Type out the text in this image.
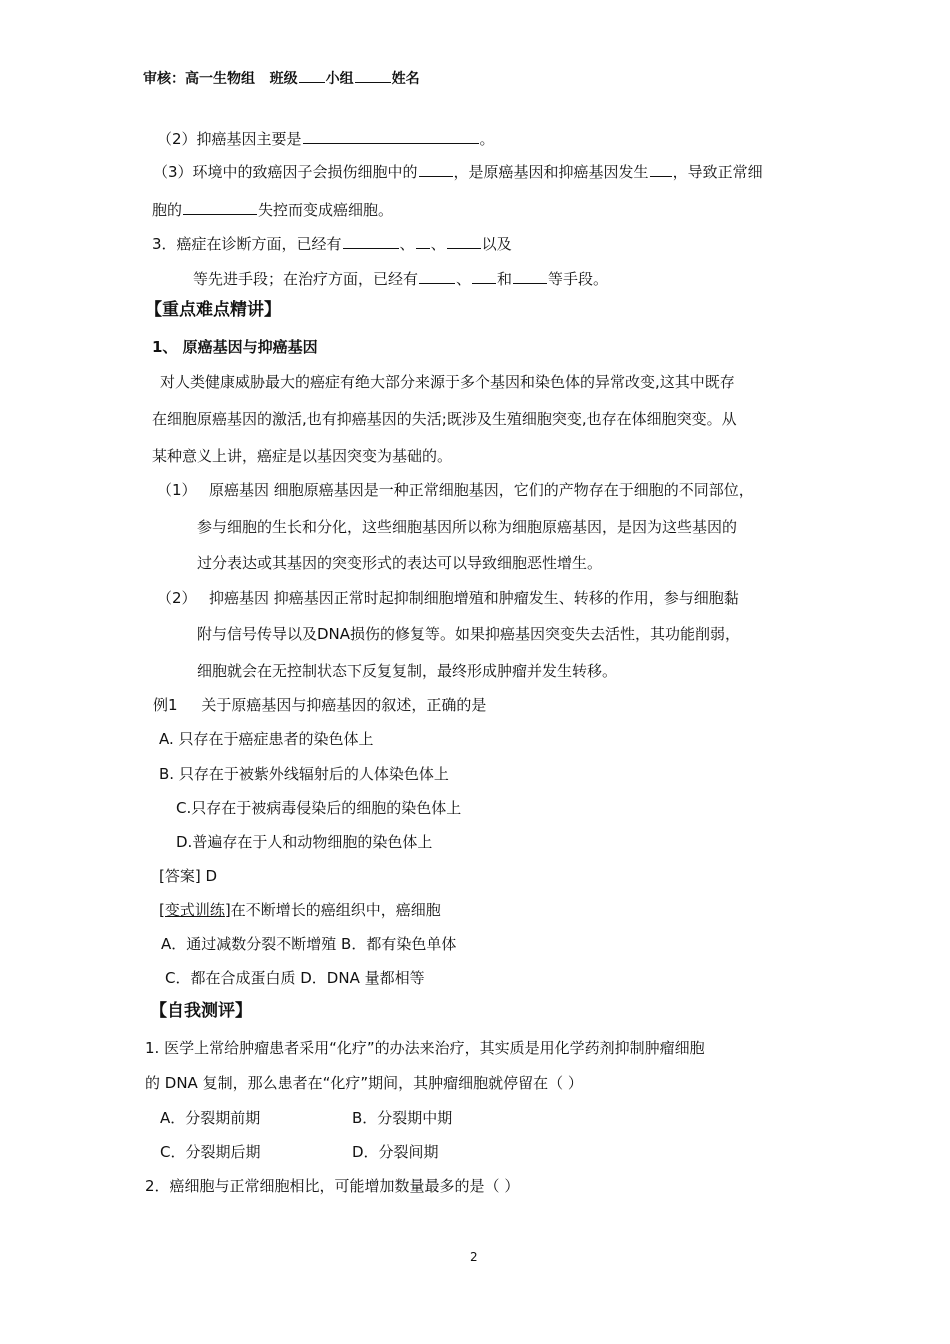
审核：高一生物组 班级 小组	姓名
（2）抑癌基因主要是	。
（3）环境中的致癌因子会损伤细胞中的 ，是原癌基因和抑癌基因发生 ，导致正常细
胞的	失控而变成癌细胞。
3．癌症在诊断方面，已经有	、 、 以及
等先进手段；在治疗方面，已经有	、 和 等手段。
【重点难点精讲】
1、 原癌基因与抑癌基因
对人类健康威胁最大的癌症有绝大部分来源于多个基因和染色体的异常改变,这其中既存
在细胞原癌基因的激活,也有抑癌基因的失活;既涉及生殖细胞突变,也存在体细胞突变。从
某种意义上讲，癌症是以基因突变为基础的。
（1） 原癌基因 细胞原癌基因是一种正常细胞基因，它们的产物存在于细胞的不同部位，
参与细胞的生长和分化，这些细胞基因所以称为细胞原癌基因，是因为这些基因的
过分表达或其基因的突变形式的表达可以导致细胞恶性增生。
（2） 抑癌基因 抑癌基因正常时起抑制细胞增殖和肿瘤发生、转移的作用，参与细胞黏
附与信号传导以及DNA损伤的修复等。如果抑癌基因突变失去活性，其功能削弱，
细胞就会在无控制状态下反复复制，最终形成肿瘤并发生转移。
例1 关于原癌基因与抑癌基因的叙述，正确的是
A. 只存在于癌症患者的染色体上
B. 只存在于被紫外线辐射后的人体染色体上
C.只存在于被病毒侵染后的细胞的染色体上
D.普遍存在于人和动物细胞的染色体上
[答案] D
[变式训练]在不断增长的癌组织中，癌细胞
A．通过减数分裂不断增殖 B．都有染色单体
C．都在合成蛋白质 D．DNA 量都相等
【自我测评】
1. 医学上常给肿瘤患者采用“化疗”的办法来治疗，其实质是用化学药剂抑制肿瘤细胞
的 DNA 复制，那么患者在“化疗”期间，其肿瘤细胞就停留在（ ）
A．分裂期前期	B．分裂期中期
C．分裂期后期	D．分裂间期
2．癌细胞与正常细胞相比，可能增加数量最多的是（ ）
2
